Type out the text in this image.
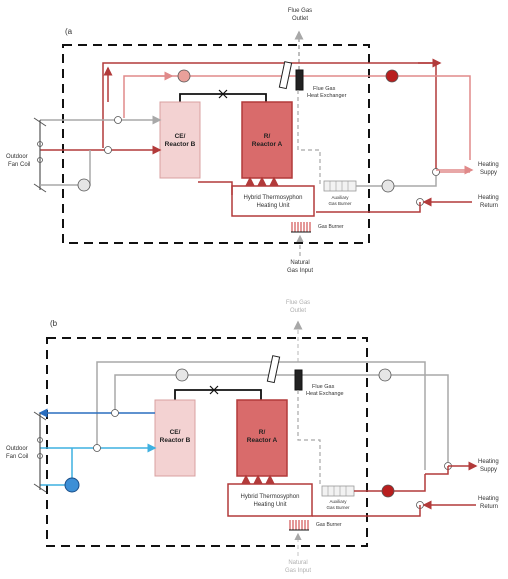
(a
Flue Gas
Outlet
Flue Gas
Heat Exchanger
CE/
Reactor B
R/
Reactor A
Outdoor
Fan Coil
Hybrid Thermosyphon
Heating Unit
Auxiliary
Gas Burner
Heating
Suppy
Heating
Return
Gas Burner
Natural
Gas Input
(b
Flue Gas
Outlet
Flue Gas
Heat Exchange
CE/
Reactor B
R/
Reactor A
Outdoor
Fan Coil
Hybrid Thermosyphon
Heating Unit
Auxiliary
Gas Burner
Heating
Suppy
Heating
Return
Gas Burner
Natural
Gas Input
